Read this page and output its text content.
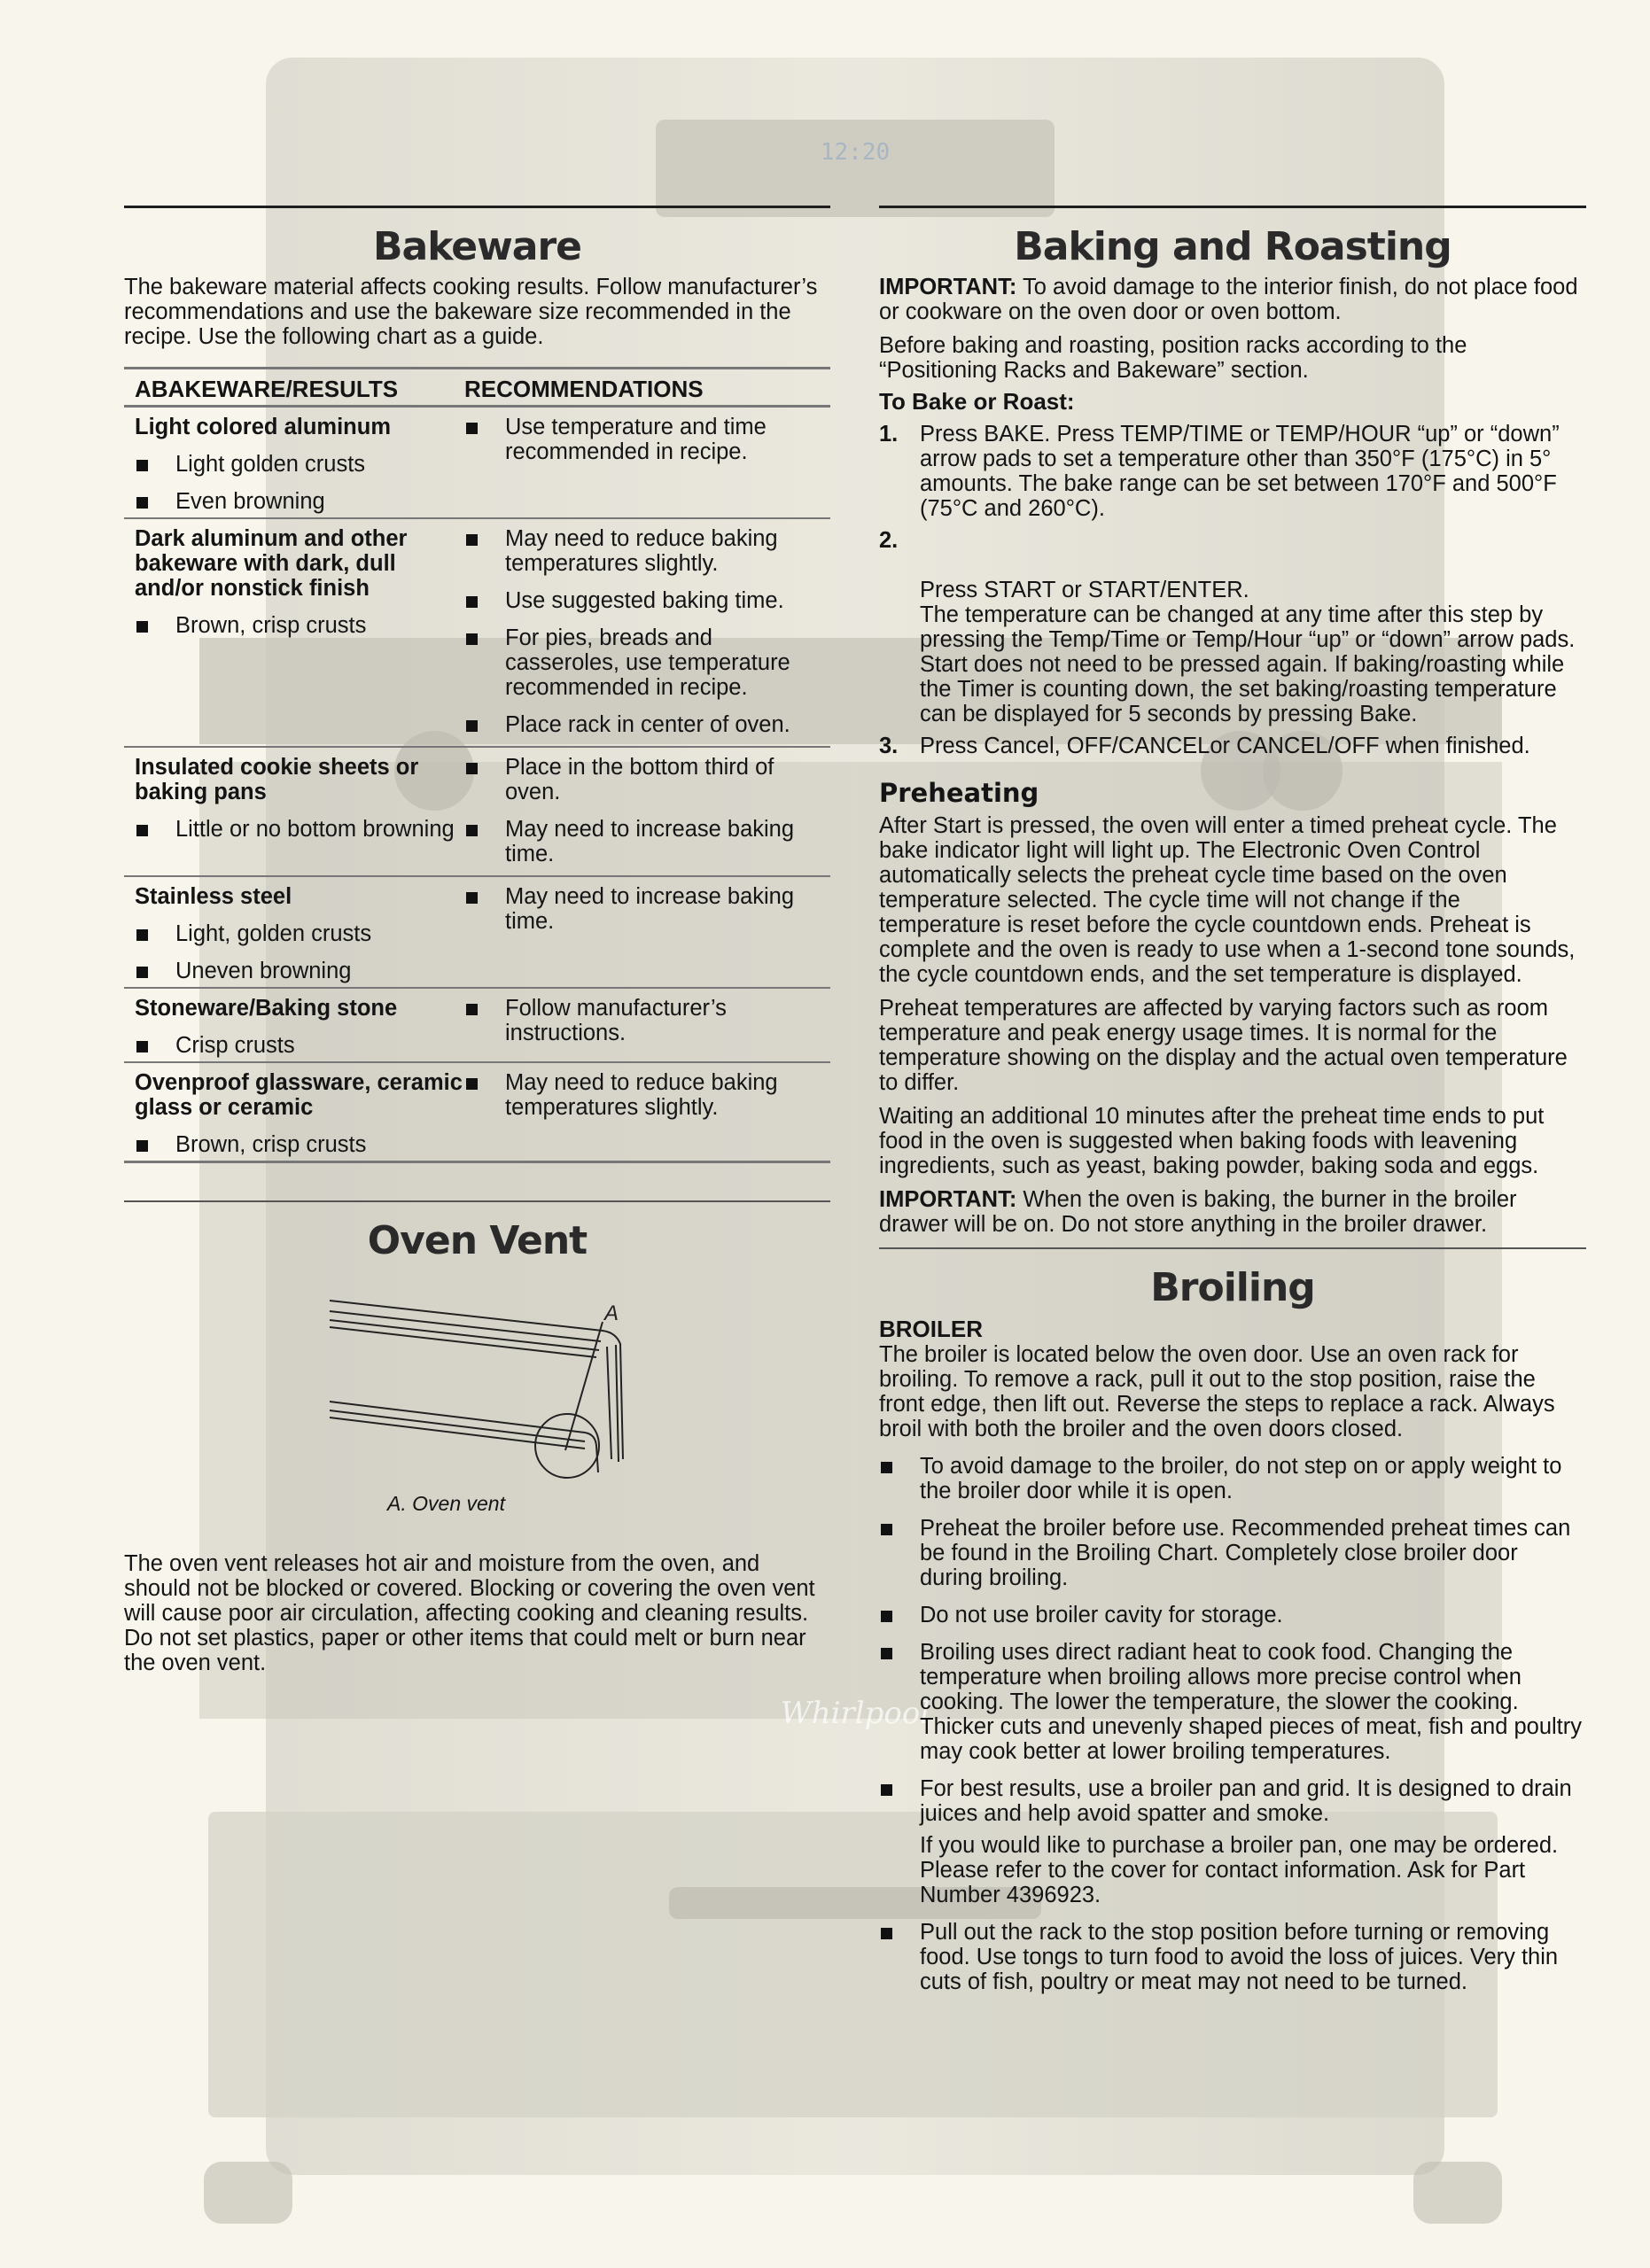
12:20
Whirlpool
Bakeware

The bakeware material affects cooking results. Follow manufacturer’s recommendations and use the bakeware size recommended in the recipe. Use the following chart as a guide.

ABAKEWARE/RESULTS	RECOMMENDATIONS
Light colored aluminum
Light golden crusts
Even browning
Use temperature and time recommended in recipe.
Dark aluminum and other bakeware with dark, dull and/or nonstick finish
Brown, crisp crusts
May need to reduce baking temperatures slightly.
Use suggested baking time.
For pies, breads and casseroles, use temperature recommended in recipe.
Place rack in center of oven.
Insulated cookie sheets or baking pans
Little or no bottom browning
Place in the bottom third of oven.
May need to increase baking time.
Stainless steel
Light, golden crusts
Uneven browning
May need to increase baking time.
Stoneware/Baking stone
Crisp crusts
Follow manufacturer’s instructions.
Ovenproof glassware, ceramic glass or ceramic
Brown, crisp crusts
May need to reduce baking temperatures slightly.
Oven Vent
A
A. Oven vent

The oven vent releases hot air and moisture from the oven, and should not be blocked or covered. Blocking or covering the oven vent will cause poor air circulation, affecting cooking and cleaning results. Do not set plastics, paper or other items that could melt or burn near the oven vent.

Baking and Roasting

IMPORTANT: To avoid damage to the interior finish, do not place food or cookware on the oven door or oven bottom.

Before baking and roasting, position racks according to the “Positioning Racks and Bakeware” section.

To Bake or Roast:
1. Press BAKE. Press TEMP/TIME or TEMP/HOUR “up” or “down” arrow pads to set a temperature other than 350°F (175°C) in 5° amounts. The bake range can be set between 170°F and 500°F (75°C and 260°C).

2.

Press START or START/ENTER.
The temperature can be changed at any time after this step by pressing the Temp/Time or Temp/Hour “up” or “down” arrow pads. Start does not need to be pressed again. If baking/roasting while the Timer is counting down, the set baking/roasting temperature can be displayed for 5 seconds by pressing Bake.

3. Press Cancel, OFF/CANCELor CANCEL/OFF when finished.
Preheating

After Start is pressed, the oven will enter a timed preheat cycle. The bake indicator light will light up. The Electronic Oven Control automatically selects the preheat cycle time based on the oven temperature selected. The cycle time will not change if the temperature is reset before the cycle countdown ends. Preheat is complete and the oven is ready to use when a 1-second tone sounds, the cycle countdown ends, and the set temperature is displayed.

Preheat temperatures are affected by varying factors such as room temperature and peak energy usage times. It is normal for the temperature showing on the display and the actual oven temperature to differ.

Waiting an additional 10 minutes after the preheat time ends to put food in the oven is suggested when baking foods with leavening ingredients, such as yeast, baking powder, baking soda and eggs.

IMPORTANT: When the oven is baking, the burner in the broiler drawer will be on. Do not store anything in the broiler drawer.

Broiling
BROILER

The broiler is located below the oven door. Use an oven rack for broiling. To remove a rack, pull it out to the stop position, raise the front edge, then lift out. Reverse the steps to replace a rack. Always broil with both the broiler and the oven doors closed.

To avoid damage to the broiler, do not step on or apply weight to the broiler door while it is open.
Preheat the broiler before use. Recommended preheat times can be found in the Broiling Chart. Completely close broiler door during broiling.
Do not use broiler cavity for storage.
Broiling uses direct radiant heat to cook food. Changing the temperature when broiling allows more precise control when cooking. The lower the temperature, the slower the cooking. Thicker cuts and unevenly shaped pieces of meat, fish and poultry may cook better at lower broiling temperatures.
For best results, use a broiler pan and grid. It is designed to drain juices and help avoid spatter and smoke.
If you would like to purchase a broiler pan, one may be ordered. Please refer to the cover for contact information. Ask for Part Number 4396923.
Pull out the rack to the stop position before turning or removing food. Use tongs to turn food to avoid the loss of juices. Very thin cuts of fish, poultry or meat may not need to be turned.
